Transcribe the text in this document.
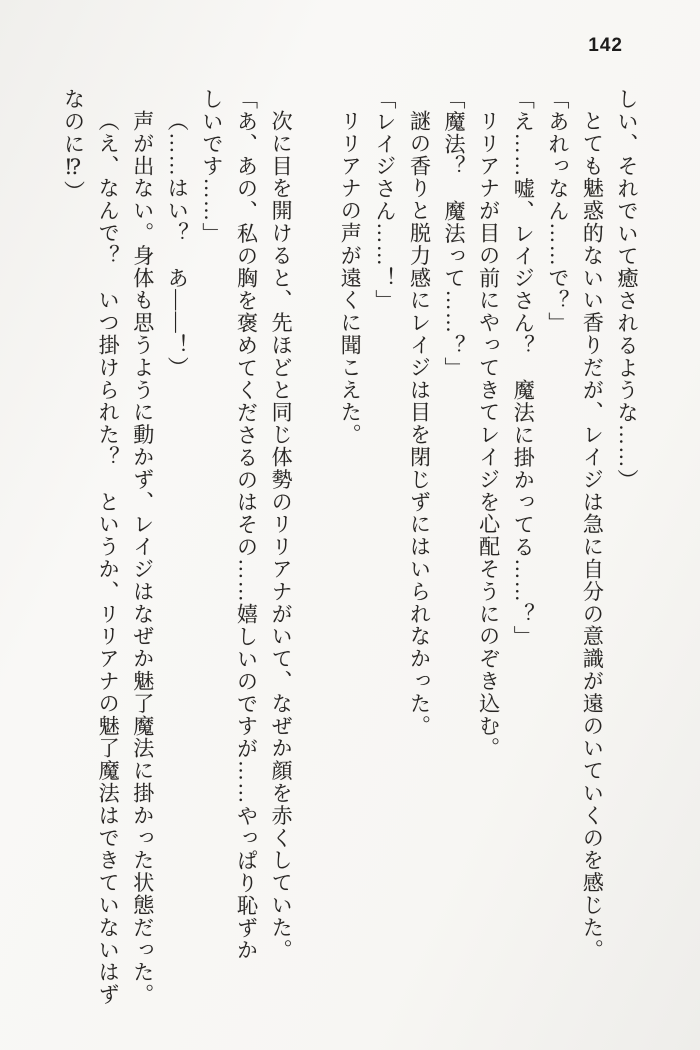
142

しい、それでいて癒されるような……）

とても魅惑的ないい香りだが、レイジは急に自分の意識が遠のいていくのを感じた。

「あれっなん……で？」

「え……嘘、レイジさん？　魔法に掛かってる……？」

リリアナが目の前にやってきてレイジを心配そうにのぞき込む。

「魔法？　魔法って……？」

謎の香りと脱力感にレイジは目を閉じずにはいられなかった。

「レイジさん……！」

リリアナの声が遠くに聞こえた。

次に目を開けると、先ほどと同じ体勢のリリアナがいて、なぜか顔を赤くしていた。

「あ、あの、私の胸を褒めてくださるのはその……嬉しいのですが……やっぱり恥ずか

しいです……」

（……はい？　あ――！）

声が出ない。身体も思うように動かず、レイジはなぜか魅了魔法に掛かった状態だった。

（え、なんで？　いつ掛けられた？　というか、リリアナの魅了魔法はできていないはず

なのに⁉）
